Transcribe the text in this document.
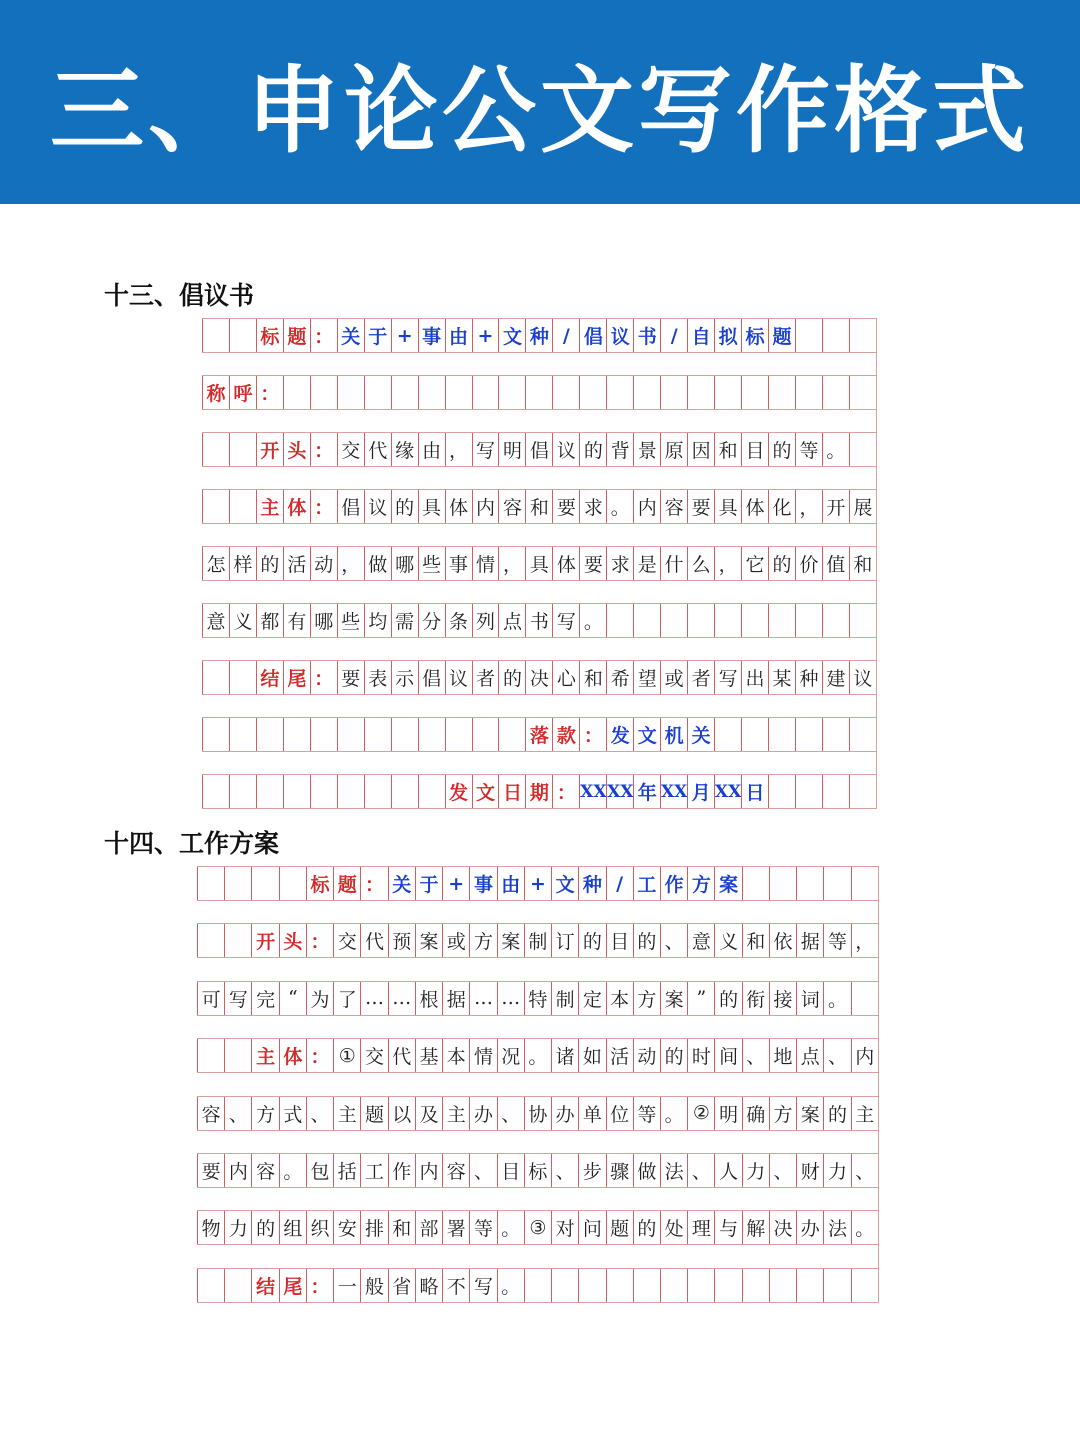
三、申论公文写作格式
十三、倡议书
标 题 ： 关 于 + 事 由 + 文 种 / 倡 议 书 / 自 拟 标 题
称 呼 ：
开 头 ： 交 代 缘 由 ， 写 明 倡 议 的 背 景 原 因 和 目 的 等 。
主 体 ： 倡 议 的 具 体 内 容 和 要 求 。 内 容 要 具 体 化 ， 开 展
怎 样 的 活 动 ， 做 哪 些 事 情 ， 具 体 要 求 是 什 么 ， 它 的 价 值 和
意 义 都 有 哪 些 均 需 分 条 列 点 书 写 。
结 尾 ： 要 表 示 倡 议 者 的 决 心 和 希 望 或 者 写 出 某 种 建 议
落 款 ： 发 文 机 关
发 文 日 期 ： XX XX 年 XX 月 XX 日
十四、工作方案
标 题 ： 关 于 + 事 由 + 文 种 / 工 作 方 案
开 头 ： 交 代 预 案 或 方 案 制 订 的 目 的 、 意 义 和 依 据 等 ，
可 写 完 “ 为 了 … … 根 据 … … 特 制 定 本 方 案 ” 的 衔 接 词 。
主 体 ： ① 交 代 基 本 情 况 。 诸 如 活 动 的 时 间 、 地 点 、 内
容 、 方 式 、 主 题 以 及 主 办 、 协 办 单 位 等 。 ② 明 确 方 案 的 主
要 内 容 。 包 括 工 作 内 容 、 目 标 、 步 骤 做 法 、 人 力 、 财 力 、
物 力 的 组 织 安 排 和 部 署 等 。 ③ 对 问 题 的 处 理 与 解 决 办 法 。
结 尾 ： 一 般 省 略 不 写 。
